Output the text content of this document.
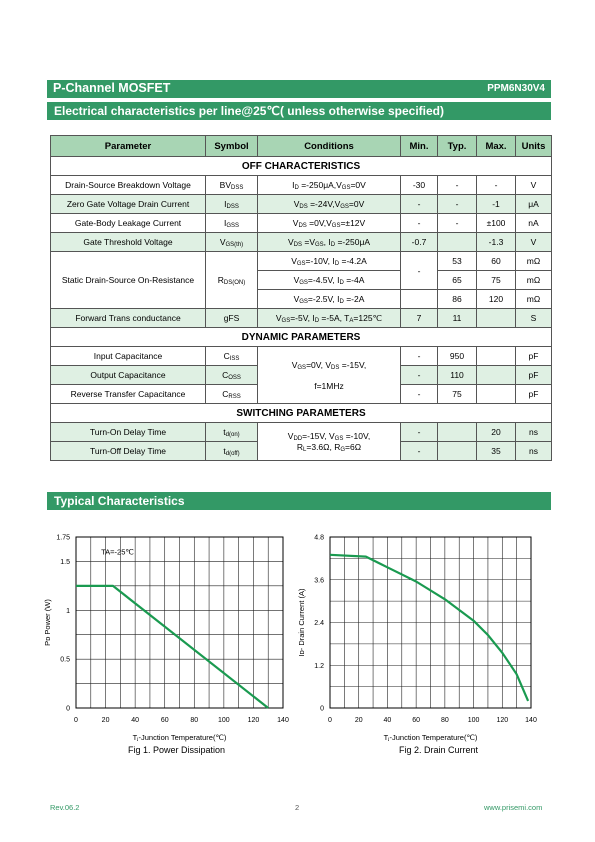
P-Channel MOSFET	PPM6N30V4
Electrical characteristics per line@25℃( unless otherwise specified)
Parameter	Symbol	Conditions	Min.	Typ.	Max.	Units
OFF CHARACTERISTICS						
Drain-Source Breakdown Voltage	$BV_{DSS}$	$I_D =-250\mu A,V_{GS}=0V$	-30	-	-	V
Zero Gate Voltage Drain Current	$I_{DSS}$	$V_{DS} =-24V,V_{GS}=0V$	-	-	-1	μA
Gate-Body Leakage Current	$I_{GSS}$	$V_{DS} =0V,V_{GS}=\pm 12V$	-	-	±100	nA
Gate Threshold Voltage	$V_{GS(th)}$	$V_{DS} =V_{GS}$, $I_D =-250\mu A$	-0.7		-1.3	V
Static Drain-Source On-Resistance	$R_{DS(ON)}$	$V_{GS}=-10V$, $I_D =-4.2A$	-	53	60	mΩ
		$V_{GS}=-4.5V$, $I_D =-4A$		65	75	mΩ
		$V_{GS}=-2.5V$, $I_D =-2A$		86	120	mΩ
Forward Trans conductance	gFS	$V_{GS}=-5V$, $I_D =-5A$, $T_A=125℃$	7	11		S
DYNAMIC PARAMETERS						
Input Capacitance	$C_{ISS}$	$V_{GS}=0V$, $V_{DS} =-15V$,

f=1MHz	-	950		pF
Output Capacitance	$C_{OSS}$		-	110		pF
Reverse Transfer Capacitance	$C_{RSS}$		-	75		pF
SWITCHING PARAMETERS						
Turn-On Delay Time	$t_{d(on)}$	$V_{DD}=-15V$, $V_{GS} =-10V$,
$R_L=3.6\Omega$, $R_G=6\Omega$	-		20	ns
Turn-Off Delay Time	$t_{d(off)}$		-		35	ns
Typical Characteristics
0	20	40	60	80	100	120	140
0
0.5
1
1.5
1.75
Tⱼ-Junction Temperature(℃)
Pᴅ Power (W)
TA=-25℃
Fig 1. Power Dissipation
0	20	40	60	80	100 120 140
0
1.2
2.4
3.6
4.8
Tⱼ-Junction Temperature(℃)
Iᴅ- Drain Current (A)
Fig 2. Drain Current
Rev.06.2	2	www.prisemi.com
